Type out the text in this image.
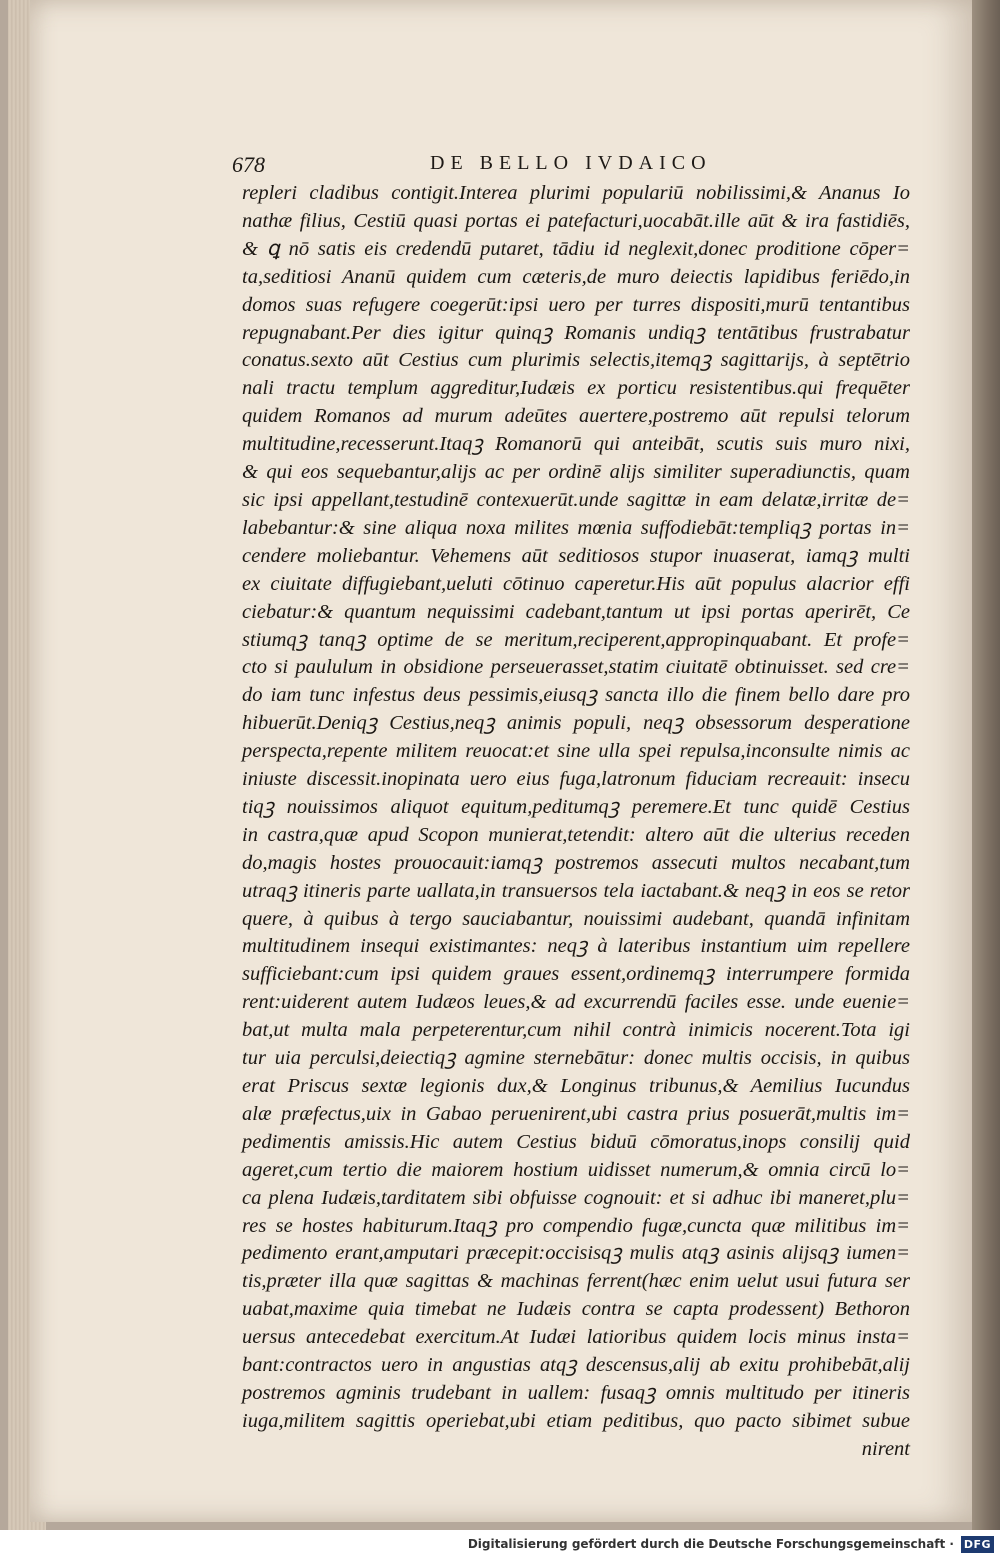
678	DE BELLO IVDAICO
repleri cladibus contigit.Interea plurimi populariū nobilissimi,& Ananus Io
nathæ filius, Cestiū quasi portas ei patefacturi,uocabāt.ille aūt & ira fastidiēs,
& ꝗ nō satis eis credendū putaret, tādiu id neglexit,donec proditione cōper=
ta,seditiosi Ananū quidem cum cæteris,de muro deiectis lapidibus feriēdo,in
domos suas refugere coegerūt:ipsi uero per turres dispositi,murū tentantibus
repugnabant.Per dies igitur quinqꝫ Romanis undiqꝫ tentātibus frustrabatur
conatus.sexto aūt Cestius cum plurimis selectis,itemqꝫ sagittarijs, à septētrio
nali tractu templum aggreditur,Iudæis ex porticu resistentibus.qui frequēter
quidem Romanos ad murum adeūtes auertere,postremo aūt repulsi telorum
multitudine,recesserunt.Itaqꝫ Romanorū qui anteibāt, scutis suis muro nixi,
& qui eos sequebantur,alijs ac per ordinē alijs similiter superadiunctis, quam
sic ipsi appellant,testudinē contexuerūt.unde sagittæ in eam delatæ,irritæ de=
labebantur:& sine aliqua noxa milites mœnia suffodiebāt:templiqꝫ portas in=
cendere moliebantur. Vehemens aūt seditiosos stupor inuaserat, iamqꝫ multi
ex ciuitate diffugiebant,ueluti cōtinuo caperetur.His aūt populus alacrior effi
ciebatur:& quantum nequissimi cadebant,tantum ut ipsi portas aperirēt, Ce
stiumqꝫ tanqꝫ optime de se meritum,reciperent,appropinquabant. Et profe=
cto si paululum in obsidione perseuerasset,statim ciuitatē obtinuisset. sed cre=
do iam tunc infestus deus pessimis,eiusqꝫ sancta illo die finem bello dare pro
hibuerūt.Deniqꝫ Cestius,neqꝫ animis populi, neqꝫ obsessorum desperatione
perspecta,repente militem reuocat:et sine ulla spei repulsa,inconsulte nimis ac
iniuste discessit.inopinata uero eius fuga,latronum fiduciam recreauit: insecu
tiqꝫ nouissimos aliquot equitum,peditumqꝫ peremere.Et tunc quidē Cestius
in castra,quæ apud Scopon munierat,tetendit: altero aūt die ulterius receden
do,magis hostes prouocauit:iamqꝫ postremos assecuti multos necabant,tum
utraqꝫ itineris parte uallata,in transuersos tela iactabant.& neqꝫ in eos se retor
quere, à quibus à tergo sauciabantur, nouissimi audebant, quandā infinitam
multitudinem insequi existimantes: neqꝫ à lateribus instantium uim repellere
sufficiebant:cum ipsi quidem graues essent,ordinemqꝫ interrumpere formida
rent:uiderent autem Iudæos leues,& ad excurrendū faciles esse. unde euenie=
bat,ut multa mala perpeterentur,cum nihil contrà inimicis nocerent.Tota igi
tur uia perculsi,deiectiqꝫ agmine sternebātur: donec multis occisis, in quibus
erat Priscus sextæ legionis dux,& Longinus tribunus,& Aemilius Iucundus
alæ præfectus,uix in Gabao peruenirent,ubi castra prius posuerāt,multis im=
pedimentis amissis.Hic autem Cestius biduū cōmoratus,inops consilij quid
ageret,cum tertio die maiorem hostium uidisset numerum,& omnia circū lo=
ca plena Iudæis,tarditatem sibi obfuisse cognouit: et si adhuc ibi maneret,plu=
res se hostes habiturum.Itaqꝫ pro compendio fugæ,cuncta quæ militibus im=
pedimento erant,amputari præcepit:occisisqꝫ mulis atqꝫ asinis alijsqꝫ iumen=
tis,præter illa quæ sagittas & machinas ferrent(hæc enim uelut usui futura ser
uabat,maxime quia timebat ne Iudæis contra se capta prodessent) Bethoron
uersus antecedebat exercitum.At Iudæi latioribus quidem locis minus insta=
bant:contractos uero in angustias atqꝫ descensus,alij ab exitu prohibebāt,alij
postremos agminis trudebant in uallem: fusaqꝫ omnis multitudo per itineris
iuga,militem sagittis operiebat,ubi etiam peditibus, quo pacto sibimet subue
nirent
Digitalisierung gefördert durch die Deutsche Forschungsgemeinschaft · DFG
